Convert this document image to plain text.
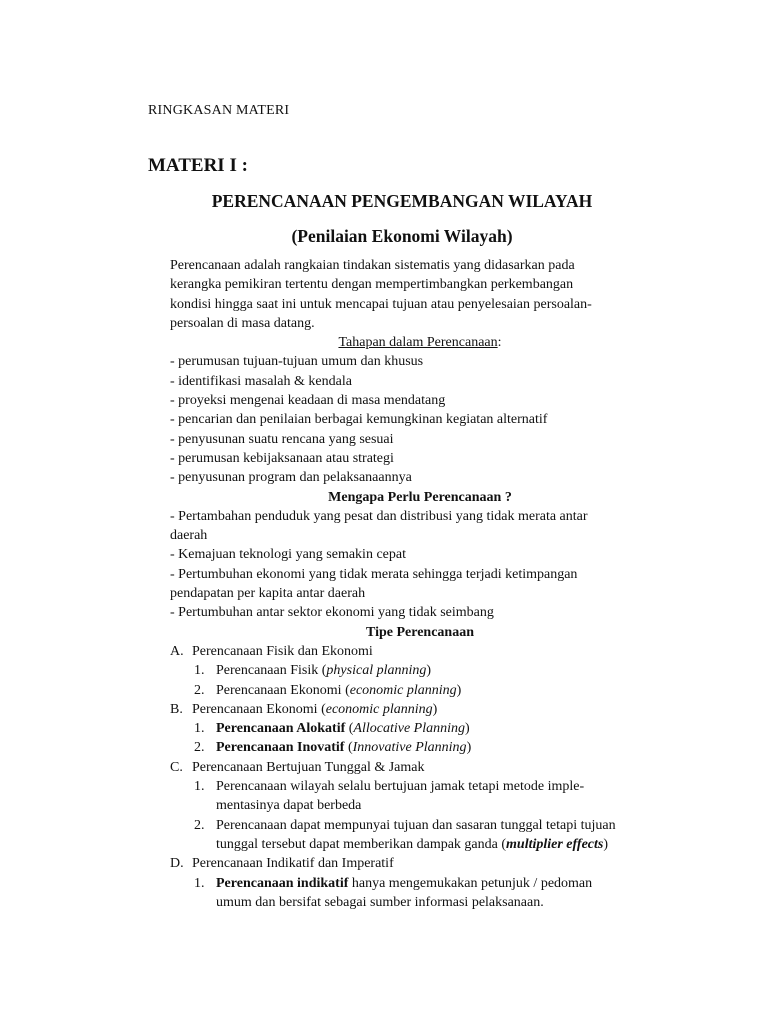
RINGKASAN MATERI
MATERI I :
PERENCANAAN PENGEMBANGAN WILAYAH
(Penilaian Ekonomi Wilayah)
Perencanaan adalah rangkaian tindakan sistematis yang didasarkan pada
kerangka pemikiran tertentu dengan mempertimbangkan perkembangan
kondisi hingga saat ini untuk mencapai tujuan atau penyelesaian persoalan-
persoalan di masa datang.
Tahapan dalam Perencanaan:
- perumusan tujuan-tujuan umum dan khusus
- identifikasi masalah & kendala
- proyeksi mengenai keadaan di masa mendatang
- pencarian dan penilaian berbagai kemungkinan kegiatan alternatif
- penyusunan suatu rencana yang sesuai
- perumusan kebijaksanaan atau strategi
- penyusunan program dan pelaksanaannya
Mengapa Perlu Perencanaan ?
- Pertambahan penduduk yang pesat dan distribusi yang tidak merata antar
daerah
- Kemajuan teknologi yang semakin cepat
- Pertumbuhan ekonomi yang tidak merata sehingga terjadi ketimpangan
pendapatan per kapita antar daerah
- Pertumbuhan antar sektor ekonomi yang tidak seimbang
Tipe Perencanaan
A. Perencanaan Fisik dan Ekonomi
1. Perencanaan Fisik (physical planning)
2. Perencanaan Ekonomi (economic planning)
B. Perencanaan Ekonomi (economic planning)
1. Perencanaan Alokatif (Allocative Planning)
2. Perencanaan Inovatif (Innovative Planning)
C. Perencanaan Bertujuan Tunggal & Jamak
1. Perencanaan wilayah selalu bertujuan jamak tetapi metode imple-
mentasinya dapat berbeda
2. Perencanaan dapat mempunyai tujuan dan sasaran tunggal tetapi tujuan
tunggal tersebut dapat memberikan dampak ganda (multiplier effects)
D. Perencanaan Indikatif dan Imperatif
1. Perencanaan indikatif hanya mengemukakan petunjuk / pedoman
umum dan bersifat sebagai sumber informasi pelaksanaan.
